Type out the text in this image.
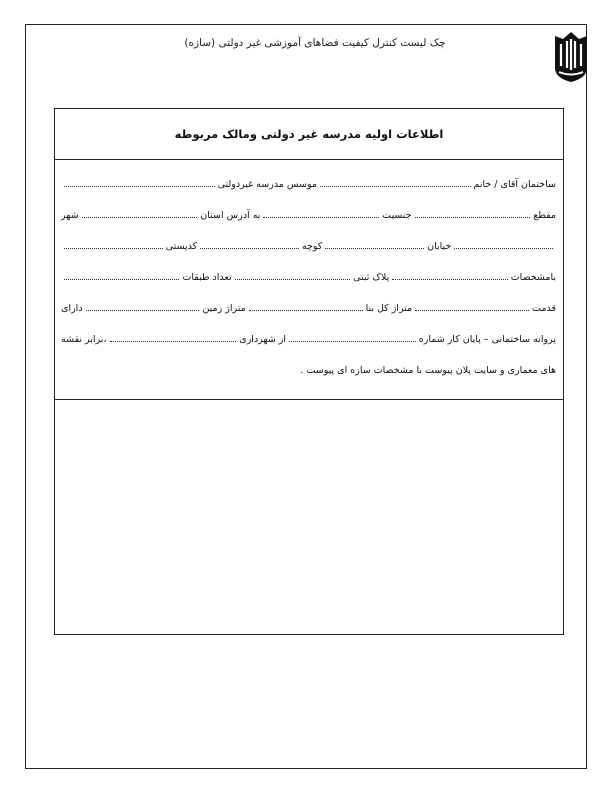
چک لیست کنترل کیفیت فضاهای آموزشی غیر دولتی (سازه)
اطلاعات اولیه مدرسه غیر دولتی ومالک مربوطه
ساختمان آقای / خانم
موسس مدرسه غیردولتی
مقطع
جنسیت
به آدرس استان
شهر
خیابان
کوچه
کدپستی
بامشخصات
پلاک ثبتی
تعداد طبقات
قدمت
متراژ کل بنا
متراژ زمین
دارای
پروانه ساختمانی – پایان کار شماره
از شهرداری
،برابر نقشه
های معماری و سایت پلان پیوست با مشخصات سازه ای پیوست .
